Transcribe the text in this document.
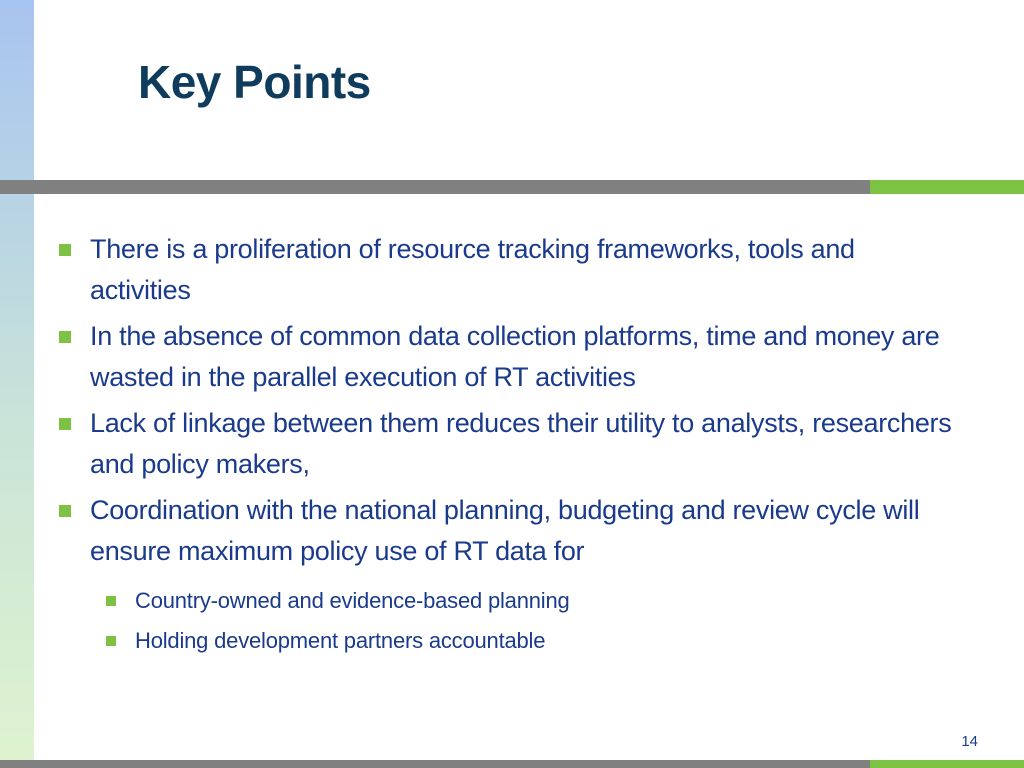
Key Points
There is a proliferation of resource tracking frameworks, tools and activities
In the absence of common data collection platforms, time and money are wasted in the parallel execution of RT activities
Lack of linkage between them reduces their utility to analysts, researchers and policy makers,
Coordination with the national planning, budgeting and review cycle will ensure maximum policy use of RT data for
Country-owned and evidence-based planning
Holding development partners accountable
14
